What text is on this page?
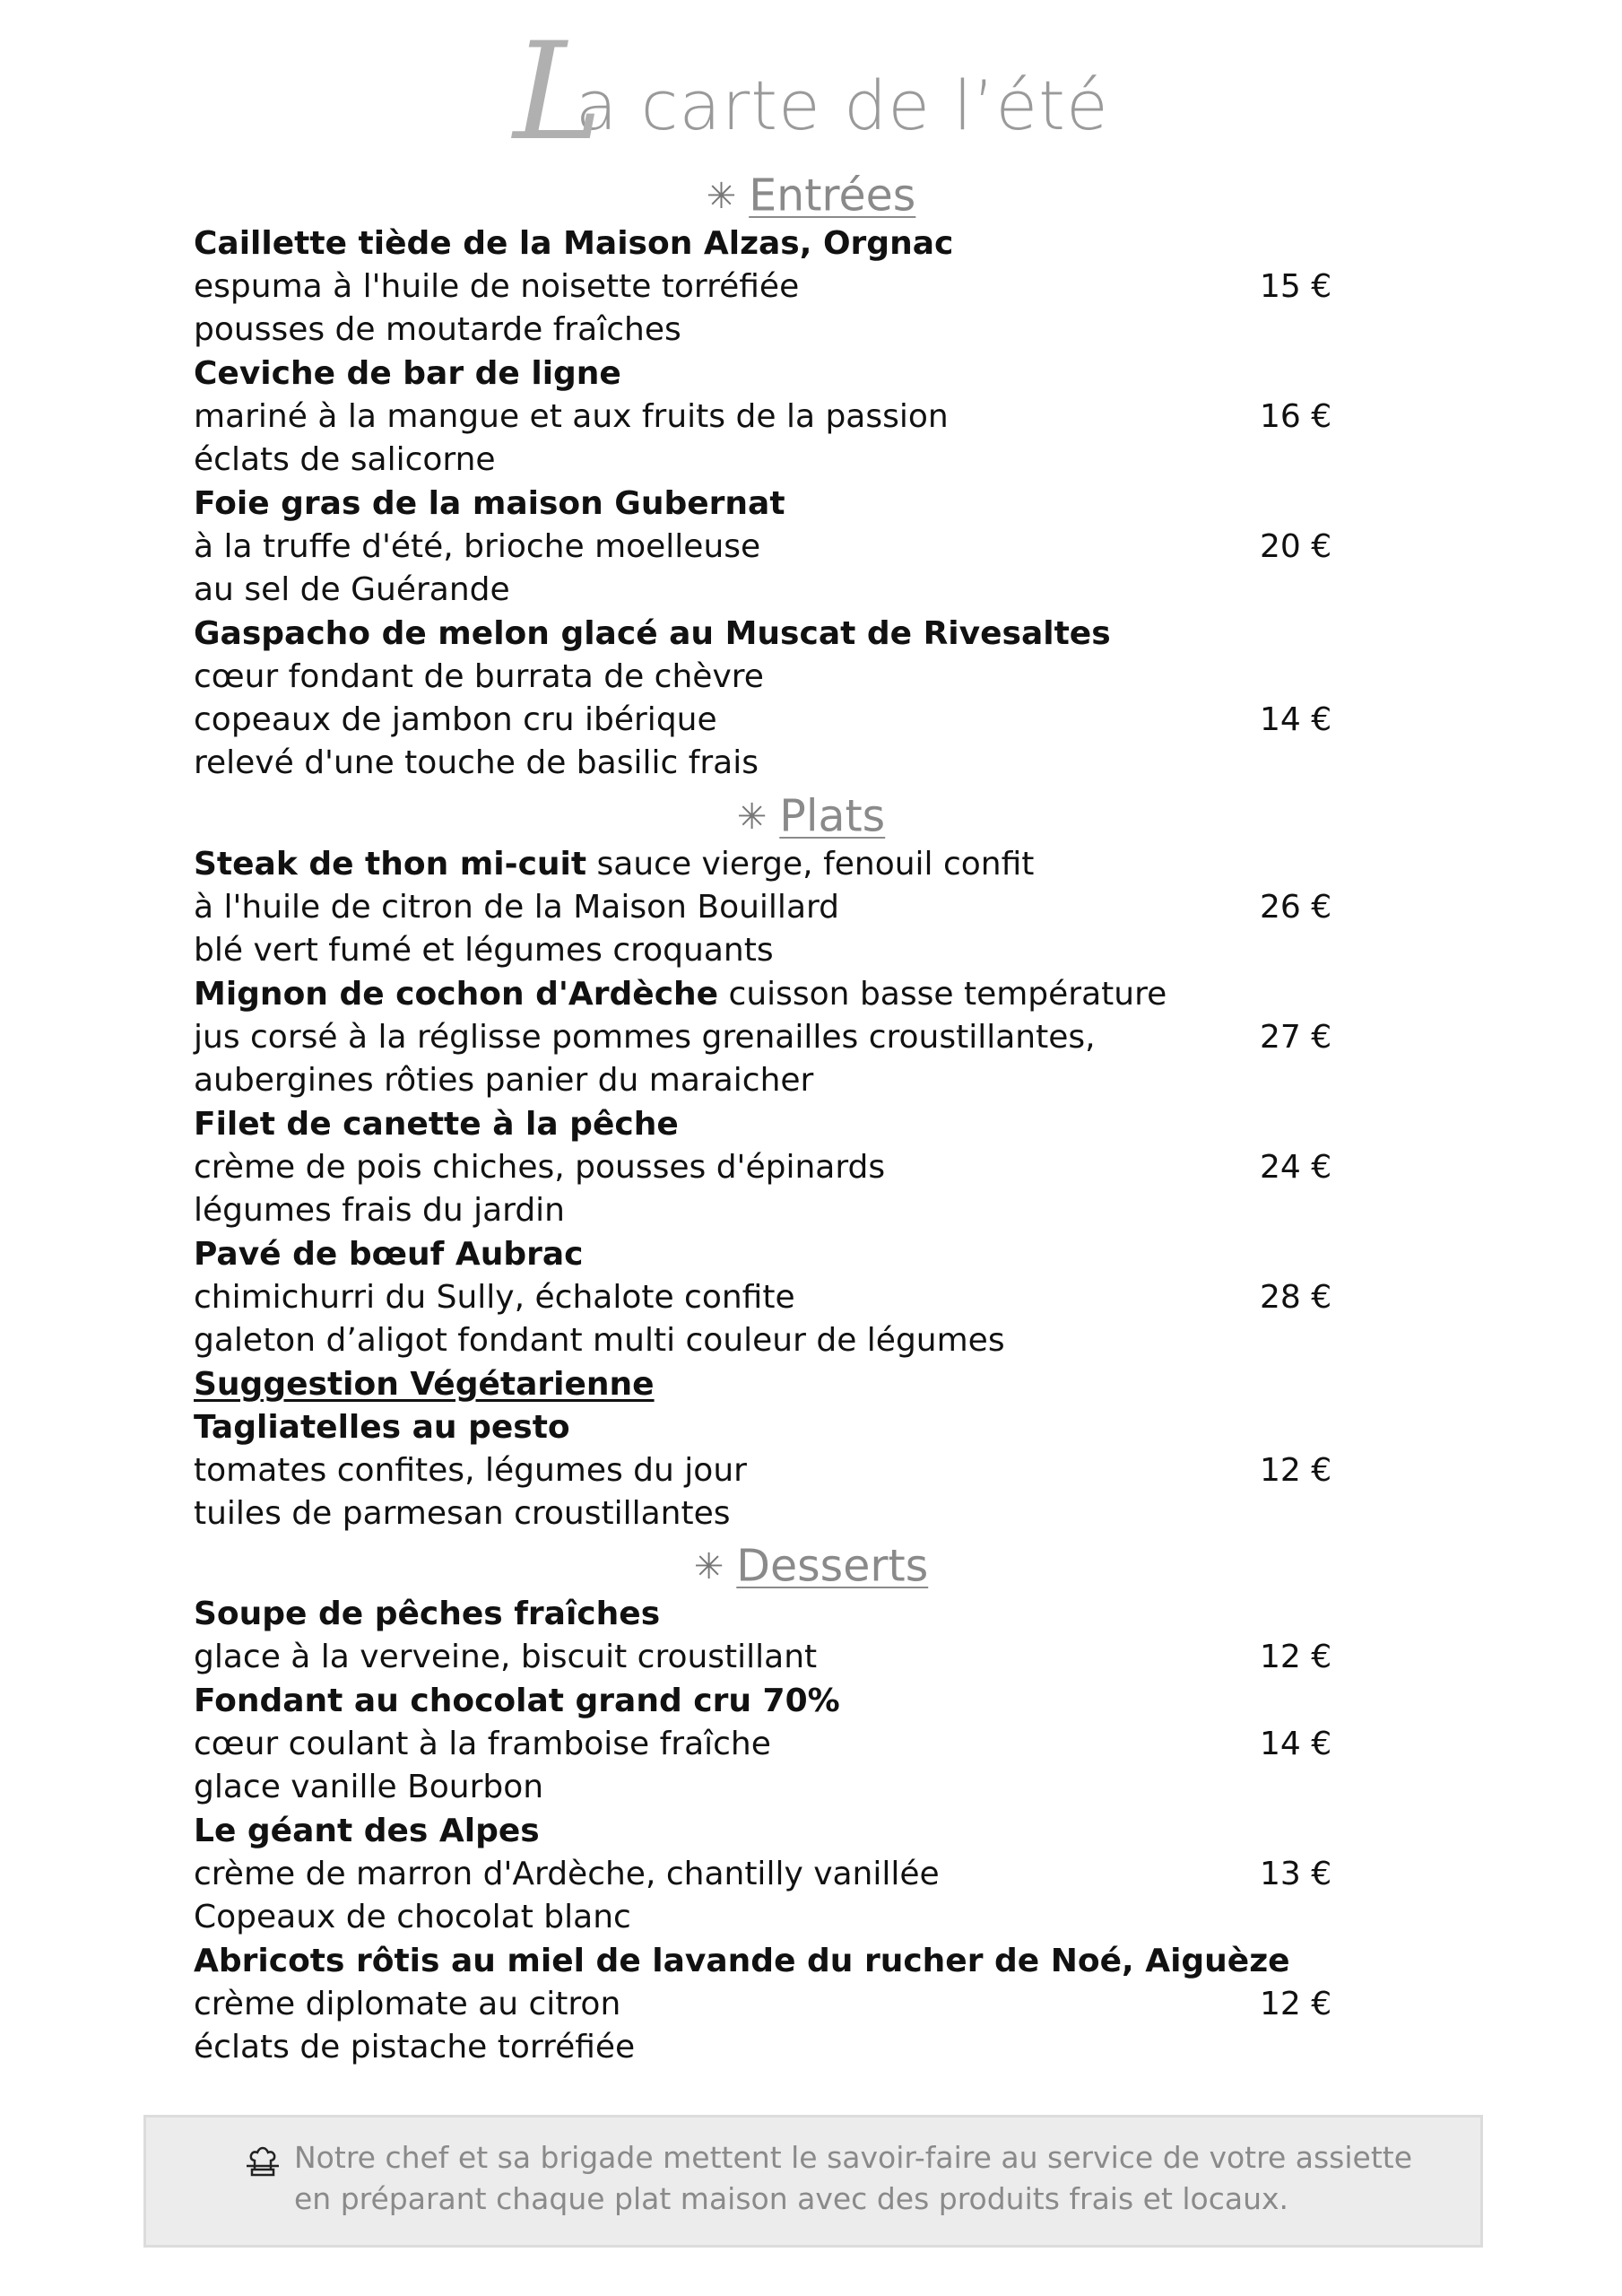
La carte de l’été
✳ Entrées
Caillette tiède de la Maison Alzas, Orgnac
espuma à l'huile de noisette torréfiée	15 €
pousses de moutarde fraîches
Ceviche de bar de ligne
mariné à la mangue et aux fruits de la passion	16 €
éclats de salicorne
Foie gras de la maison Gubernat
à la truffe d'été, brioche moelleuse	20 €
au sel de Guérande
Gaspacho de melon glacé au Muscat de Rivesaltes
cœur fondant de burrata de chèvre
copeaux de jambon cru ibérique	14 €
relevé d'une touche de basilic frais
✳ Plats
Steak de thon mi-cuit sauce vierge, fenouil confit
à l'huile de citron de la Maison Bouillard	26 €
blé vert fumé et légumes croquants
Mignon de cochon d'Ardèche cuisson basse température
jus corsé à la réglisse pommes grenailles croustillantes,	27 €
aubergines rôties panier du maraicher
Filet de canette à la pêche
crème de pois chiches, pousses d'épinards	24 €
légumes frais du jardin
Pavé de bœuf Aubrac
chimichurri du Sully, échalote confite	28 €
galeton d’aligot fondant multi couleur de légumes
Suggestion Végétarienne
Tagliatelles au pesto
tomates confites, légumes du jour	12 €
tuiles de parmesan croustillantes
✳ Desserts
Soupe de pêches fraîches
glace à la verveine, biscuit croustillant	12 €
Fondant au chocolat grand cru 70%
cœur coulant à la framboise fraîche	14 €
glace vanille Bourbon
Le géant des Alpes
crème de marron d'Ardèche, chantilly vanillée	13 €
Copeaux de chocolat blanc
Abricots rôtis au miel de lavande du rucher de Noé, Aiguèze
crème diplomate au citron	12 €
éclats de pistache torréfiée
Notre chef et sa brigade mettent le savoir-faire au service de votre assiette
en préparant chaque plat maison avec des produits frais et locaux.
